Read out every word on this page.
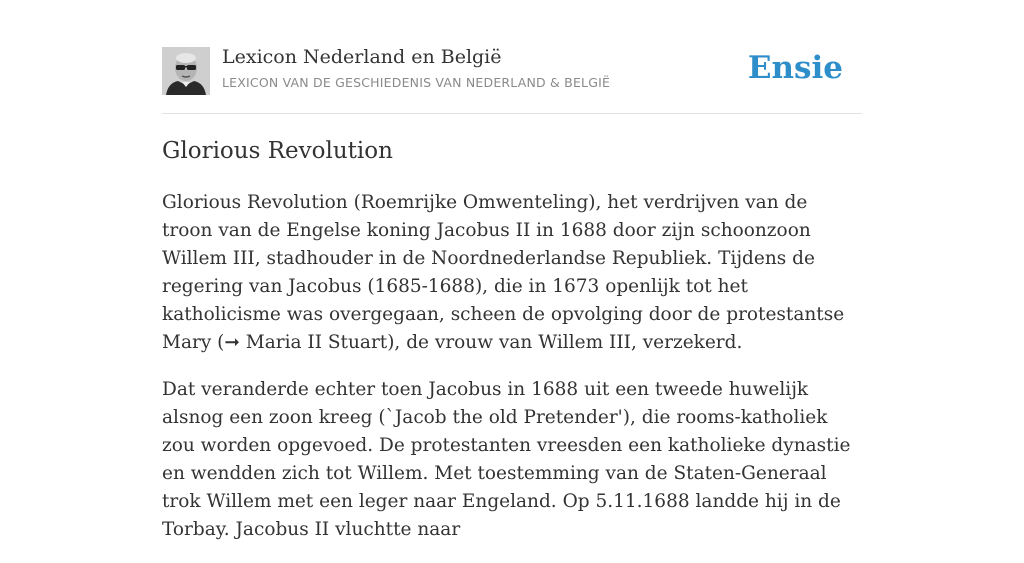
Lexicon Nederland en België
LEXICON VAN DE GESCHIEDENIS VAN NEDERLAND & BELGIË	Ensie
Glorious Revolution

Glorious Revolution (Roemrijke Omwenteling), het verdrijven van de troon van de Engelse koning Jacobus II in 1688 door zijn schoonzoon Willem III, stadhouder in de Noordnederlandse Republiek. Tijdens de regering van Jacobus (1685-1688), die in 1673 openlijk tot het katholicisme was overgegaan, scheen de opvolging door de protestantse Mary (➞ Maria II Stuart), de vrouw van Willem III, verzekerd.

Dat veranderde echter toen Jacobus in 1688 uit een tweede huwelijk alsnog een zoon kreeg (`Jacob the old Pretender'), die rooms-katholiek zou worden opgevoed. De protestanten vreesden een katholieke dynastie en wendden zich tot Willem. Met toestemming van de Staten-Generaal trok Willem met een leger naar Engeland. Op 5.11.1688 landde hij in de Torbay. Jacobus II vluchtte naar
